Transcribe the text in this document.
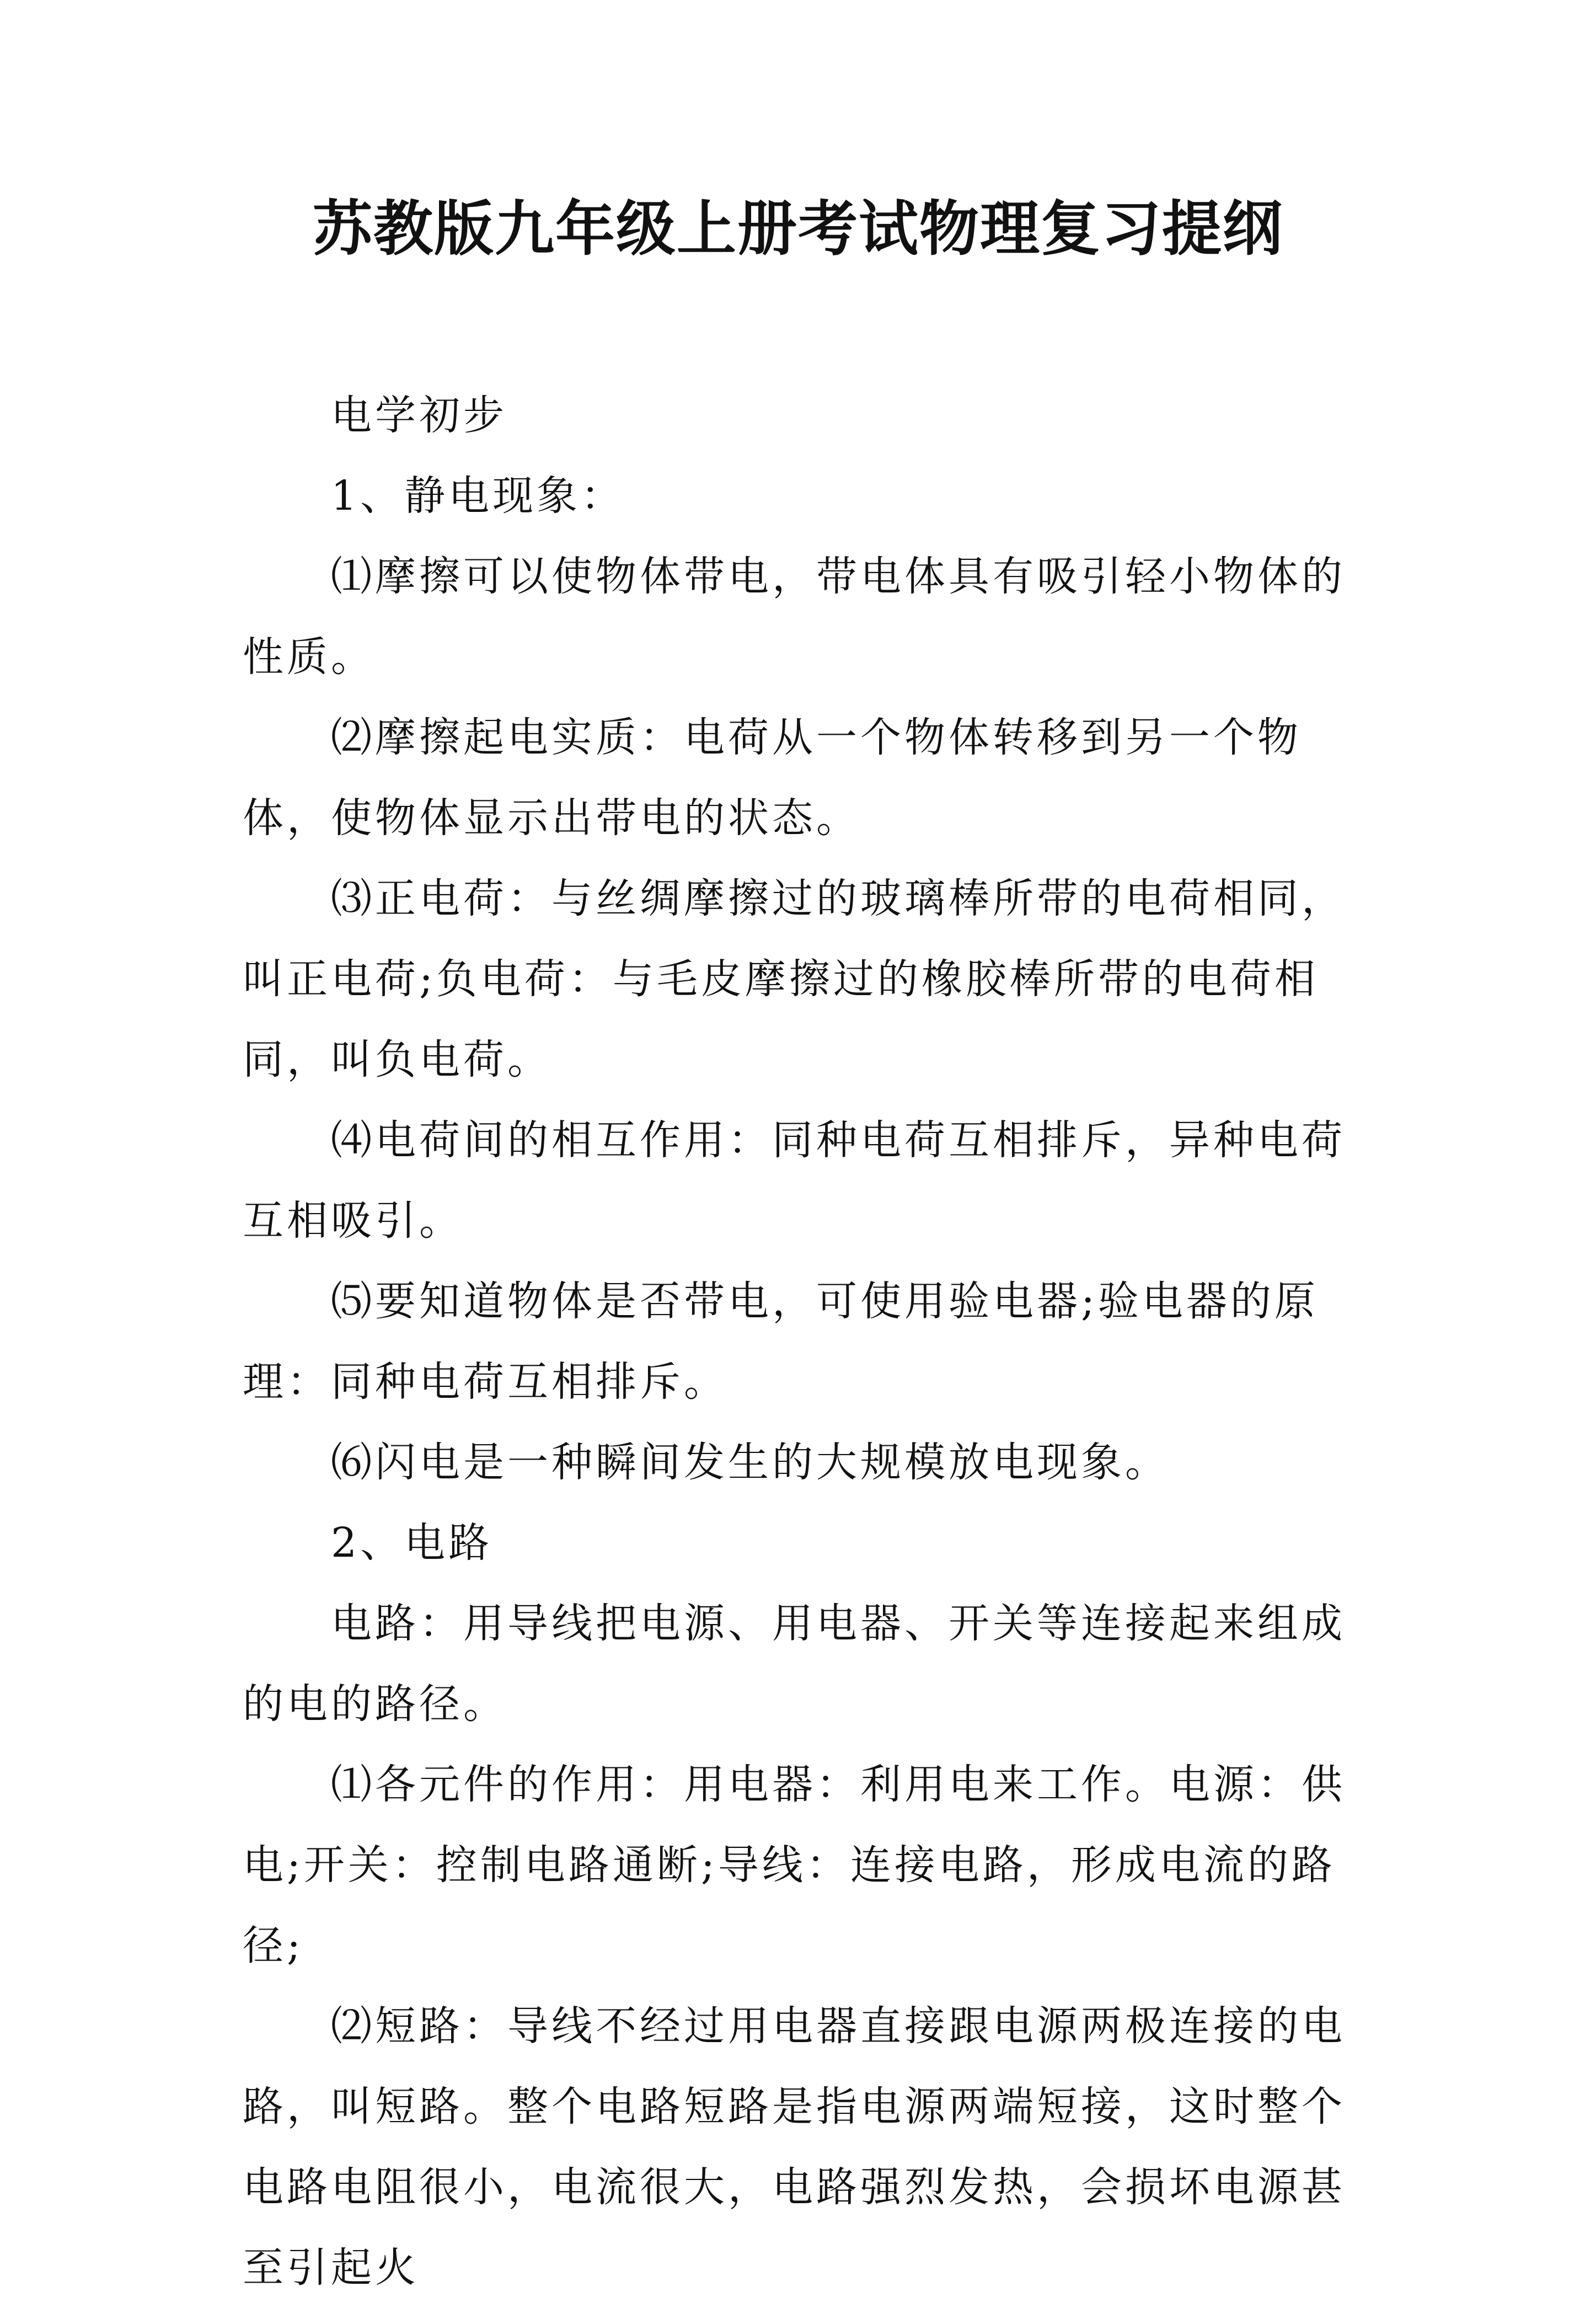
苏教版九年级上册考试物理复习提纲

电学初步

1、静电现象：

⑴摩擦可以使物体带电，带电体具有吸引轻小物体的性质。

⑵摩擦起电实质：电荷从一个物体转移到另一个物体，使物体显示出带电的状态。

⑶正电荷：与丝绸摩擦过的玻璃棒所带的电荷相同，叫正电荷;负电荷：与毛皮摩擦过的橡胶棒所带的电荷相同，叫负电荷。

⑷电荷间的相互作用：同种电荷互相排斥，异种电荷互相吸引。

⑸要知道物体是否带电，可使用验电器;验电器的原理：同种电荷互相排斥。

⑹闪电是一种瞬间发生的大规模放电现象。

2、电路

电路：用导线把电源、用电器、开关等连接起来组成的电的路径。

⑴各元件的作用：用电器：利用电来工作。电源：供电;开关：控制电路通断;导线：连接电路，形成电流的路径;

⑵短路：导线不经过用电器直接跟电源两极连接的电路，叫短路。整个电路短路是指电源两端短接，这时整个电路电阻很小，电流很大，电路强烈发热，会损坏电源甚至引起火
